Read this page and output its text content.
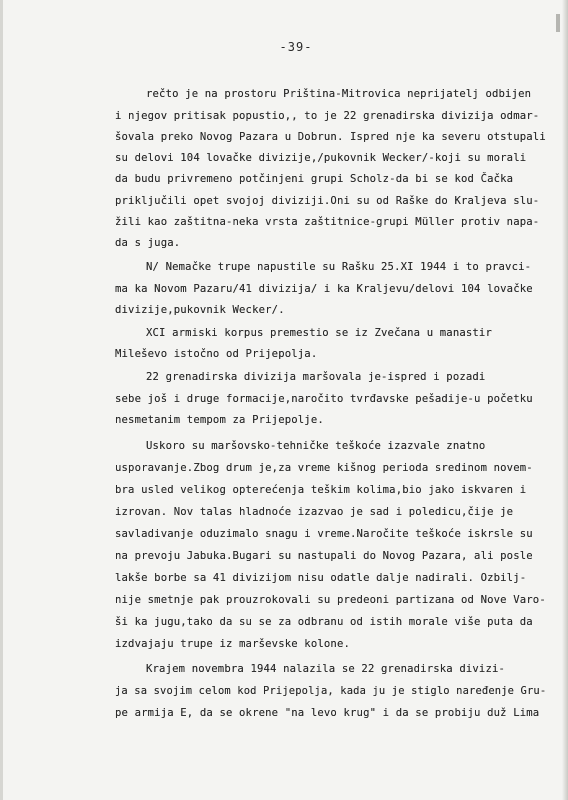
-39-
rečto je na prostoru Priština-Mitrovica neprijatelj odbijen
i njegov pritisak popustio,, to je 22 grenadirska divizija odmar-
šovala preko Novog Pazara u Dobrun. Ispred nje ka severu otstupali
su delovi 104 lovačke divizije,/pukovnik Wecker/-koji su morali
da budu privremeno potčinjeni grupi Scholz-da bi se kod Čačka
priključili opet svojoj diviziji.Oni su od Raške do Kraljeva slu-
žili kao zaštitna-neka vrsta zaštitnice-grupi Müller protiv napa-
da s juga.
N/ Nemačke trupe napustile su Rašku 25.XI 1944 i to pravci-
ma ka Novom Pazaru/41 divizija/ i ka Kraljevu/delovi 104 lovačke
divizije,pukovnik Wecker/.
XCI armiski korpus premestio se iz Zvečana u manastir
Mileševo istočno od Prijepolja.
22 grenadirska divizija maršovala je-ispred i pozadi
sebe još i druge formacije,naročito tvrđavske pešadije-u početku
nesmetanim tempom za Prijepolje.
Uskoro su maršovsko-tehničke teškoće izazvale znatno
usporavanje.Zbog drum je,za vreme kišnog perioda sredinom novem-
bra usled velikog opterećenja teškim kolima,bio jako iskvaren i
izrovan. Nov talas hladnoće izazvao je sad i poledicu,čije je
savladivanje oduzimalo snagu i vreme.Naročite teškoće iskrsle su
na prevoju Jabuka.Bugari su nastupali do Novog Pazara, ali posle
lakše borbe sa 41 divizijom nisu odatle dalje nadirali. Ozbilj-
nije smetnje pak prouzrokovali su predeoni partizana od Nove Varo-
ši ka jugu,tako da su se za odbranu od istih morale više puta da
izdvajaju trupe iz marševske kolone.
Krajem novembra 1944 nalazila se 22 grenadirska divizi-
ja sa svojim celom kod Prijepolja, kada ju je stiglo naređenje Gru-
pe armija E, da se okrene "na levo krug" i da se probiju duž Lima
